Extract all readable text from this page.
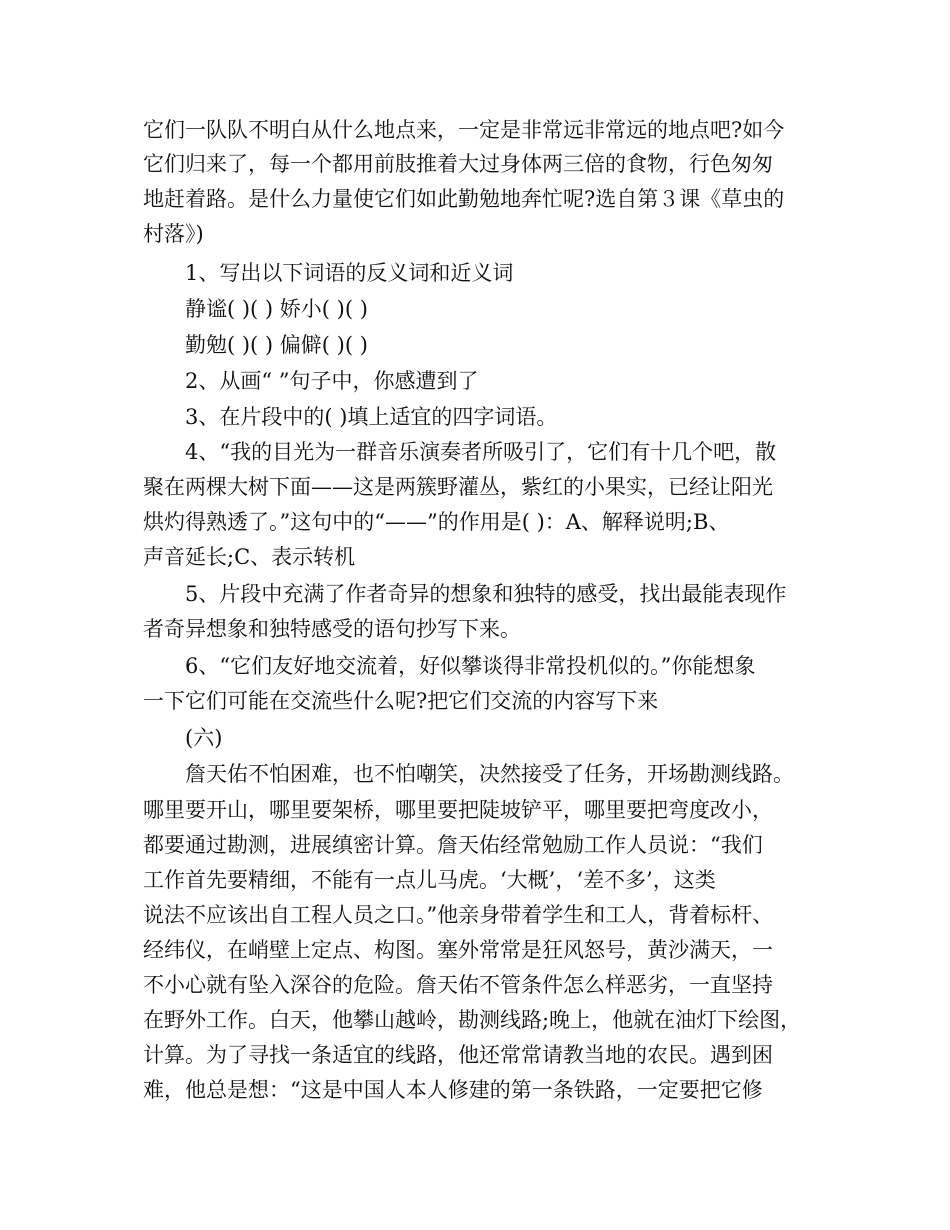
它们一队队不明白从什么地点来，一定是非常远非常远的地点吧?如今
它们归来了，每一个都用前肢推着大过身体两三倍的食物，行色匆匆
地赶着路。是什么力量使它们如此勤勉地奔忙呢?选自第３课《草虫的
村落》)
1、写出以下词语的反义词和近义词
静谧( )( ) 娇小( )( )
勤勉( )( ) 偏僻( )( )
2、从画“ ”句子中，你感遭到了
3、在片段中的( )填上适宜的四字词语。
4、“我的目光为一群音乐演奏者所吸引了，它们有十几个吧，散
聚在两棵大树下面——这是两簇野灌丛，紫红的小果实，已经让阳光
烘灼得熟透了。”这句中的“——”的作用是( )：A、解释说明;B、
声音延长;C、表示转机
5、片段中充满了作者奇异的想象和独特的感受，找出最能表现作
者奇异想象和独特感受的语句抄写下来。
6、“它们友好地交流着，好似攀谈得非常投机似的。”你能想象
一下它们可能在交流些什么呢?把它们交流的内容写下来
(六)
詹天佑不怕困难，也不怕嘲笑，决然接受了任务，开场勘测线路。
哪里要开山，哪里要架桥，哪里要把陡坡铲平，哪里要把弯度改小，
都要通过勘测，进展缜密计算。詹天佑经常勉励工作人员说：“我们
工作首先要精细，不能有一点儿马虎。‘大概’，‘差不多’，这类
说法不应该出自工程人员之口。”他亲身带着学生和工人，背着标杆、
经纬仪，在峭壁上定点、构图。塞外常常是狂风怒号，黄沙满天，一
不小心就有坠入深谷的危险。詹天佑不管条件怎么样恶劣，一直坚持
在野外工作。白天，他攀山越岭，勘测线路;晚上，他就在油灯下绘图，
计算。为了寻找一条适宜的线路，他还常常请教当地的农民。遇到困
难，他总是想：“这是中国人本人修建的第一条铁路，一定要把它修
